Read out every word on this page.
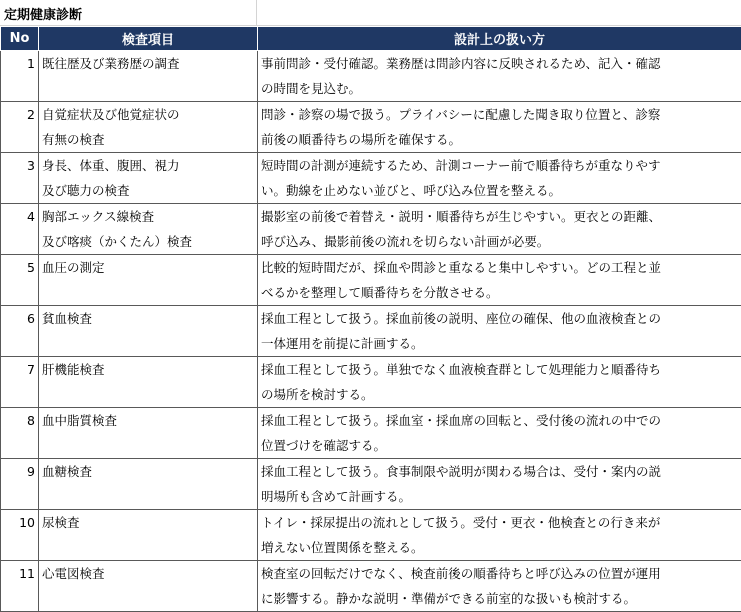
定期健康診断
No	検査項目	設計上の扱い方
1	既往歴及び業務歴の調査	事前問診・受付確認。業務歴は問診内容に反映されるため、記入・確認
の時間を見込む。

2	自覚症状及び他覚症状の
有無の検査	問診・診察の場で扱う。プライバシーに配慮した聞き取り位置と、診察
前後の順番待ちの場所を確保する。

3	身長、体重、腹囲、視力
及び聴力の検査	短時間の計測が連続するため、計測コーナー前で順番待ちが重なりやす
い。動線を止めない並びと、呼び込み位置を整える。

4	胸部エックス線検査
及び喀痰（かくたん）検査	撮影室の前後で着替え・説明・順番待ちが生じやすい。更衣との距離、
呼び込み、撮影前後の流れを切らない計画が必要。

5	血圧の測定	比較的短時間だが、採血や問診と重なると集中しやすい。どの工程と並
べるかを整理して順番待ちを分散させる。

6	貧血検査	採血工程として扱う。採血前後の説明、座位の確保、他の血液検査との
一体運用を前提に計画する。

7	肝機能検査	採血工程として扱う。単独でなく血液検査群として処理能力と順番待ち
の場所を検討する。

8	血中脂質検査	採血工程として扱う。採血室・採血席の回転と、受付後の流れの中での
位置づけを確認する。

9	血糖検査	採血工程として扱う。食事制限や説明が関わる場合は、受付・案内の説
明場所も含めて計画する。

10	尿検査	トイレ・採尿提出の流れとして扱う。受付・更衣・他検査との行き来が
増えない位置関係を整える。

11	心電図検査	検査室の回転だけでなく、検査前後の順番待ちと呼び込みの位置が運用
に影響する。静かな説明・準備ができる前室的な扱いも検討する。
